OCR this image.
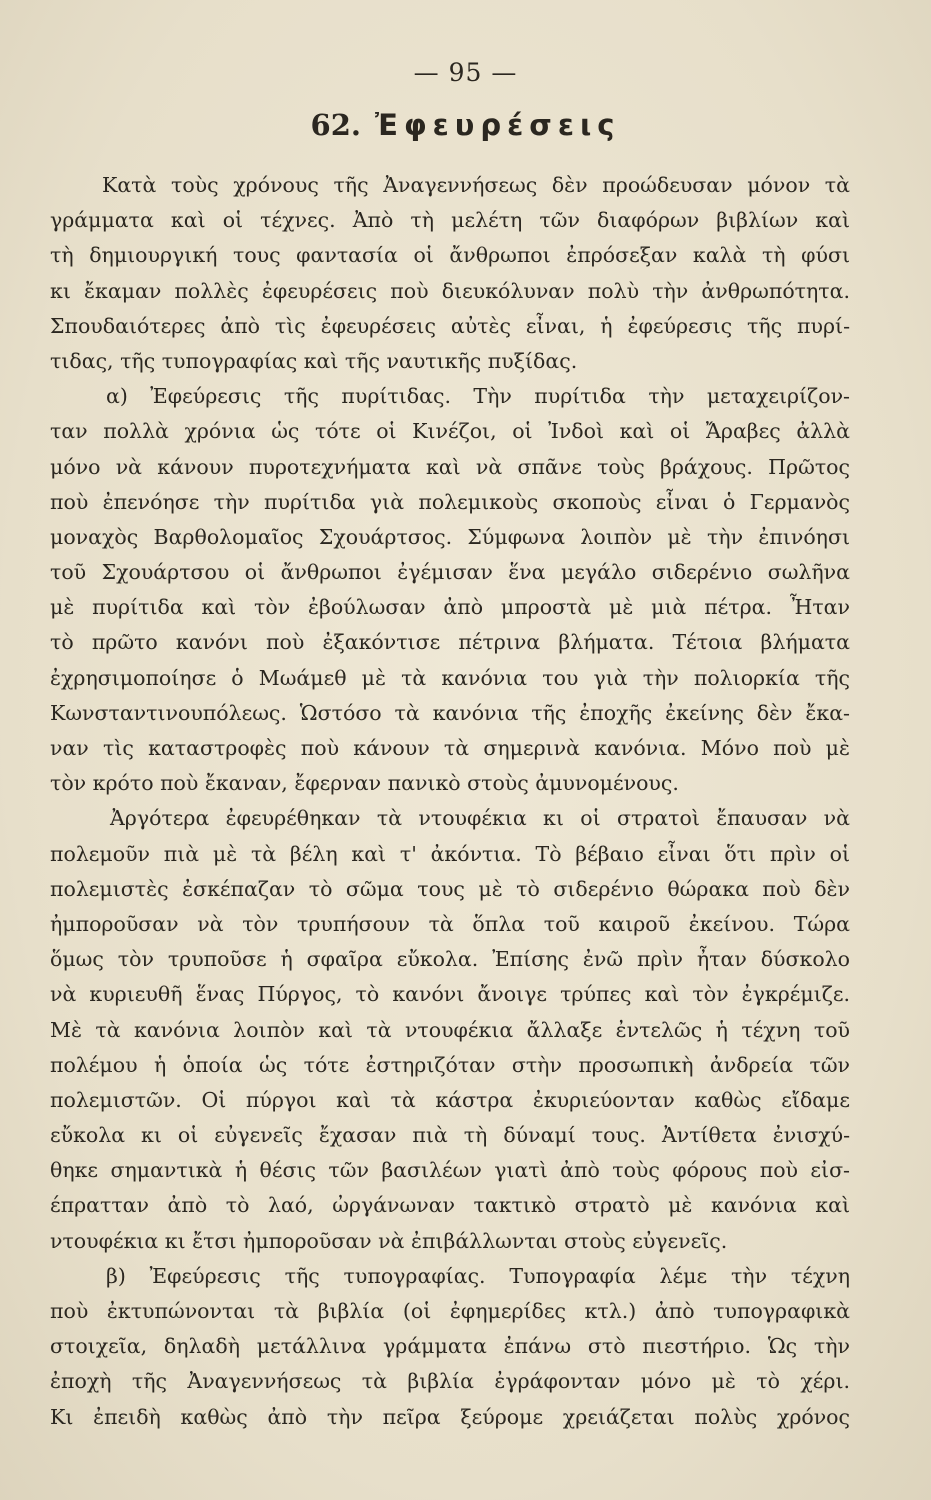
— 95 —
62. Ἐφευρέσεις
Κατὰ τοὺς χρόνους τῆς Ἀναγεννήσεως δὲν προώδευσαν μόνον τὰ
γράμματα καὶ οἱ τέχνες. Ἀπὸ τὴ μελέτη τῶν διαφόρων βιβλίων καὶ
τὴ δημιουργική τους φαντασία οἱ ἄνθρωποι ἐπρόσεξαν καλὰ τὴ φύσι
κι ἔκαμαν πολλὲς ἐφευρέσεις ποὺ διευκόλυναν πολὺ τὴν ἀνθρωπότητα.
Σπουδαιότερες ἀπὸ τὶς ἐφευρέσεις αὐτὲς εἶναι, ἡ ἐφεύρεσις τῆς πυρί-
τιδας, τῆς τυπογραφίας καὶ τῆς ναυτικῆς πυξίδας.
α) Ἐφεύρεσις τῆς πυρίτιδας. Τὴν πυρίτιδα τὴν μεταχειρίζον-
ταν πολλὰ χρόνια ὡς τότε οἱ Κινέζοι, οἱ Ἰνδοὶ καὶ οἱ Ἄραβες ἀλλὰ
μόνο νὰ κάνουν πυροτεχνήματα καὶ νὰ σπᾶνε τοὺς βράχους. Πρῶτος
ποὺ ἐπενόησε τὴν πυρίτιδα γιὰ πολεμικοὺς σκοποὺς εἶναι ὁ Γερμανὸς
μοναχὸς Βαρθολομαῖος Σχουάρτσος. Σύμφωνα λοιπὸν μὲ τὴν ἐπινόησι
τοῦ Σχουάρτσου οἱ ἄνθρωποι ἐγέμισαν ἕνα μεγάλο σιδερένιο σωλῆνα
μὲ πυρίτιδα καὶ τὸν ἐβούλωσαν ἀπὸ μπροστὰ μὲ μιὰ πέτρα. Ἦταν
τὸ πρῶτο κανόνι ποὺ ἐξακόντισε πέτρινα βλήματα. Τέτοια βλήματα
ἐχρησιμοποίησε ὁ Μωάμεθ μὲ τὰ κανόνια του γιὰ τὴν πολιορκία τῆς
Κωνσταντινουπόλεως. Ὡστόσο τὰ κανόνια τῆς ἐποχῆς ἐκείνης δὲν ἔκα-
ναν τὶς καταστροφὲς ποὺ κάνουν τὰ σημερινὰ κανόνια. Μόνο ποὺ μὲ
τὸν κρότο ποὺ ἔκαναν, ἔφερναν πανικὸ στοὺς ἀμυνομένους.
Ἀργότερα ἐφευρέθηκαν τὰ ντουφέκια κι οἱ στρατοὶ ἔπαυσαν νὰ
πολεμοῦν πιὰ μὲ τὰ βέλη καὶ τ' ἀκόντια. Τὸ βέβαιο εἶναι ὅτι πρὶν οἱ
πολεμιστὲς ἐσκέπαζαν τὸ σῶμα τους μὲ τὸ σιδερένιο θώρακα ποὺ δὲν
ἠμποροῦσαν νὰ τὸν τρυπήσουν τὰ ὅπλα τοῦ καιροῦ ἐκείνου. Τώρα
ὅμως τὸν τρυποῦσε ἡ σφαῖρα εὔκολα. Ἐπίσης ἐνῶ πρὶν ἦταν δύσκολο
νὰ κυριευθῆ ἕνας Πύργος, τὸ κανόνι ἄνοιγε τρύπες καὶ τὸν ἐγκρέμιζε.
Μὲ τὰ κανόνια λοιπὸν καὶ τὰ ντουφέκια ἄλλαξε ἐντελῶς ἡ τέχνη τοῦ
πολέμου ἡ ὁποία ὡς τότε ἐστηριζόταν στὴν προσωπικὴ ἀνδρεία τῶν
πολεμιστῶν. Οἱ πύργοι καὶ τὰ κάστρα ἐκυριεύονταν καθὼς εἴδαμε
εὔκολα κι οἱ εὐγενεῖς ἔχασαν πιὰ τὴ δύναμί τους. Ἀντίθετα ἐνισχύ-
θηκε σημαντικὰ ἡ θέσις τῶν βασιλέων γιατὶ ἀπὸ τοὺς φόρους ποὺ εἰσ-
έπρατταν ἀπὸ τὸ λαό, ὠργάνωναν τακτικὸ στρατὸ μὲ κανόνια καὶ
ντουφέκια κι ἔτσι ἠμποροῦσαν νὰ ἐπιβάλλωνται στοὺς εὐγενεῖς.
β) Ἐφεύρεσις τῆς τυπογραφίας. Τυπογραφία λέμε τὴν τέχνη
ποὺ ἐκτυπώνονται τὰ βιβλία (οἱ ἐφημερίδες κτλ.) ἀπὸ τυπογραφικὰ
στοιχεῖα, δηλαδὴ μετάλλινα γράμματα ἐπάνω στὸ πιεστήριο. Ὡς τὴν
ἐποχὴ τῆς Ἀναγεννήσεως τὰ βιβλία ἐγράφονταν μόνο μὲ τὸ χέρι.
Κι ἐπειδὴ καθὼς ἀπὸ τὴν πεῖρα ξεύρομε χρειάζεται πολὺς χρόνος
